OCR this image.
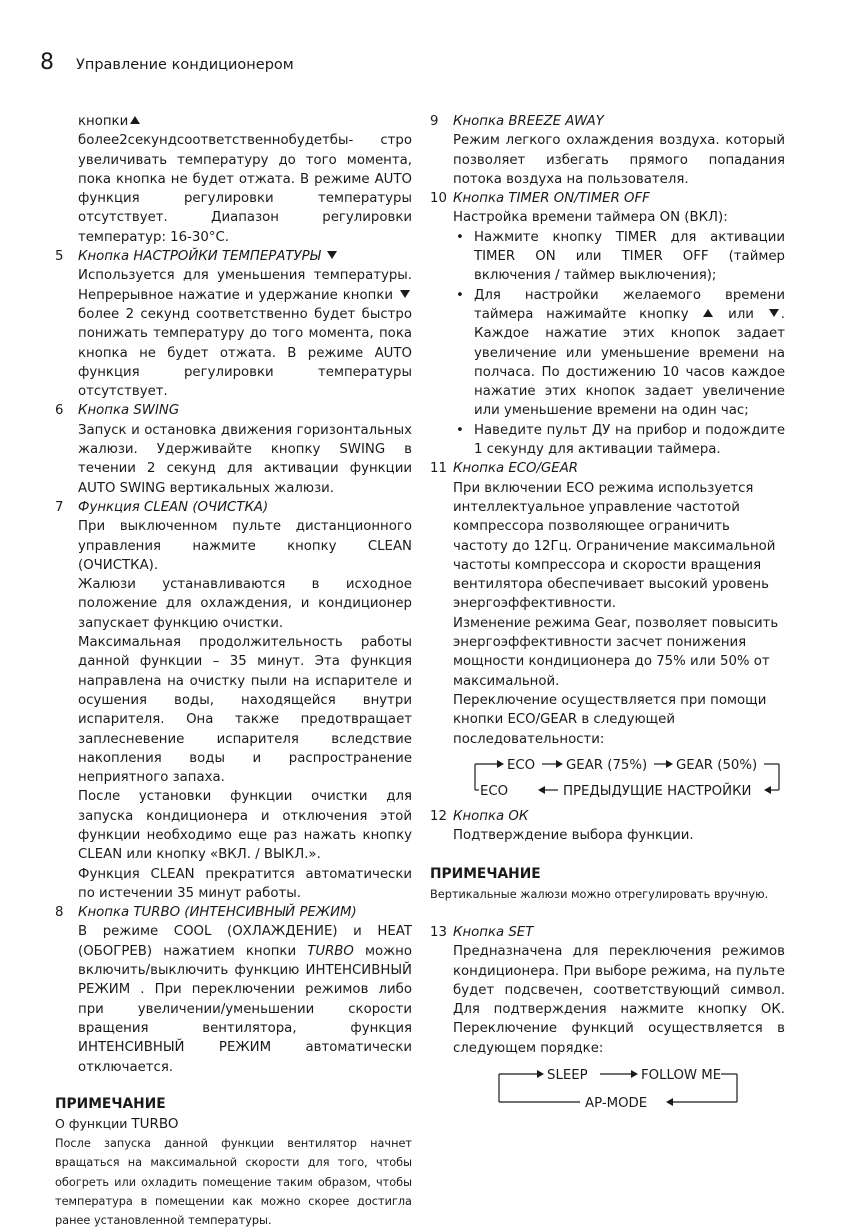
8 Управление кондиционером

кнопкиболее2секундсоответственнобудетбы- стро увеличивать температуру до того момента, пока кнопка не будет отжата. В режиме AUTO функция регулировки температуры отсутствует. Диапазон регулировки температур: 16-30°С.

5 Кнопка НАСТРОЙКИ ТЕМПЕРАТУРЫ

Используется для уменьшения температуры. Непрерывное нажатие и удержание кнопки  более 2 секунд соответственно будет быстро понижать температуру до того момента, пока кнопка не будет отжата. В режиме AUTO функция регулировки температуры отсутствует.

6 Кнопка SWING

Запуск и остановка движения горизонтальных жалюзи. Удерживайте кнопку SWING в течении 2 секунд для активации функции AUTO SWING вертикальных жалюзи.

7 Функция CLEAN (ОЧИСТКА)

При выключенном пульте дистанционного управления нажмите кнопку CLEAN (ОЧИСТКА).

Жалюзи устанавливаются в исходное положение для охлаждения, и кондиционер запускает функцию очистки.

Максимальная продолжительность работы данной функции – 35 минут. Эта функция направлена на очистку пыли на испарителе и осушения воды, находящейся внутри испарителя. Она также предотвращает заплесневение испарителя вследствие накопления воды и распространение неприятного запаха.

После установки функции очистки для запуска кондиционера и отключения этой функции необходимо еще раз нажать кнопку CLEAN или кнопку «ВКЛ. / ВЫКЛ.».

Функция CLEAN прекратится автоматически по истечении 35 минут работы.

8 Кнопка TURBO (ИНТЕНСИВНЫЙ РЕЖИМ)

В режиме COOL (ОХЛАЖДЕНИЕ) и HEAT (ОБОГРЕВ) нажатием кнопки TURBO можно включить/выключить функцию ИНТЕНСИВНЫЙ РЕЖИМ . При переключении режимов либо при увеличении/уменьшении скорости вращения вентилятора, функция ИНТЕНСИВНЫЙ РЕЖИМ автоматически отключается.

ПРИМЕЧАНИЕ
О функции TURBO

После запуска данной функции вентилятор начнет вращаться на максимальной скорости для того, чтобы обогреть или охладить помещение таким образом, чтобы температура в помещении как можно скорее достигла ранее установленной температуры.

9 Кнопка BREEZE AWAY

Режим легкого охлаждения воздуха. который позволяет избегать прямого попадания потока воздуха на пользователя.

10 Кнопка TIMER ON/TIMER OFF

Настройка времени таймера ON (ВКЛ):

• Нажмите кнопку TIMER для активации TIMER ON или TIMER OFF (таймер включения / таймер выключения);
• Для настройки желаемого времени таймера нажимайте кнопку	или . Каждое нажатие этих кнопок задает увеличение или уменьшение времени на полчаса. По достижению 10 часов каждое нажатие этих кнопок задает увеличение или уменьшение времени на один час;
• Наведите пульт ДУ на прибор и подождите 1 секунду для активации таймера.
11 Кнопка ECO/GEAR

При включении ECO режима используется интеллектуальное управление частотой компрессора позволяющее ограничить частоту до 12Гц. Ограничение максимальной частоты компрессора и скорости вращения вентилятора обеспечивает высокий уровень энергоэффективности.

Изменение режима Gear, позволяет повысить энергоэффективности засчет понижения мощности кондиционера до 75% или 50% от максимальной.

Переключение осуществляется при помощи кнопки ECO/GEAR в следующей последовательности:

ECO GEAR (75%) GEAR (50%)
ПРЕДЫДУЩИЕ НАСТРОЙКИ
ECO
12 Кнопка ОК

Подтверждение выбора функции.

ПРИМЕЧАНИЕ

Вертикальные жалюзи можно отрегулировать вручную.

13 Кнопка SET

Предназначена для переключения режимов кондиционера. При выборе режима, на пульте будет подсвечен, соответствующий символ. Для подтверждения нажмите кнопку ОК. Переключение функций осуществляется в следующем порядке:

SLEEP	FOLLOW ME
AP-MODE
